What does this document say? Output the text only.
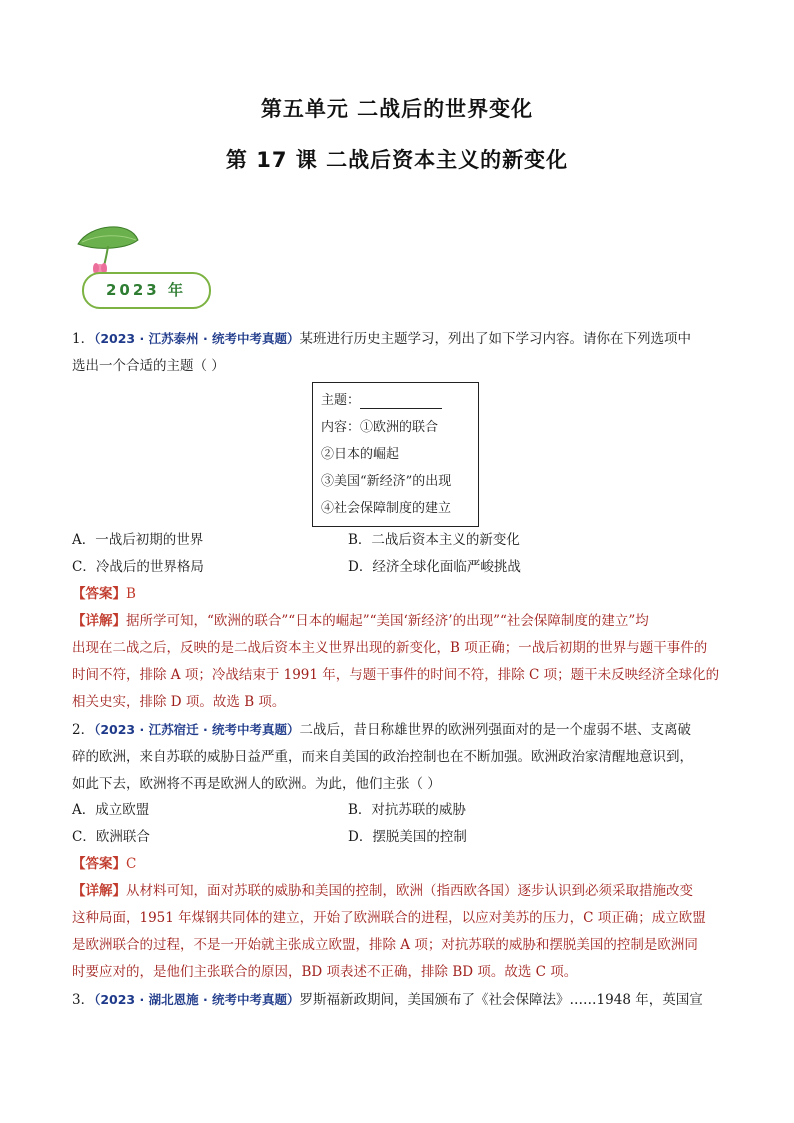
第五单元 二战后的世界变化
第 17 课 二战后资本主义的新变化
2023 年
1．（2023 · 江苏泰州 · 统考中考真题）某班进行历史主题学习，列出了如下学习内容。请你在下列选项中
选出一个合适的主题（ ）
主题：
内容：①欧洲的联合
②日本的崛起
③美国“新经济”的出现
④社会保障制度的建立
A．一战后初期的世界	B．二战后资本主义的新变化
C．冷战后的世界格局	D．经济全球化面临严峻挑战
【答案】B
【详解】据所学可知，“欧洲的联合”“日本的崛起”“美国‘新经济’的出现”“社会保障制度的建立”均
出现在二战之后，反映的是二战后资本主义世界出现的新变化，B 项正确；一战后初期的世界与题干事件的
时间不符，排除 A 项；冷战结束于 1991 年，与题干事件的时间不符，排除 C 项；题干未反映经济全球化的
相关史实，排除 D 项。故选 B 项。
2．（2023 · 江苏宿迁 · 统考中考真题）二战后，昔日称雄世界的欧洲列强面对的是一个虚弱不堪、支离破
碎的欧洲，来自苏联的威胁日益严重，而来自美国的政治控制也在不断加强。欧洲政治家清醒地意识到，
如此下去，欧洲将不再是欧洲人的欧洲。为此，他们主张（ ）
A．成立欧盟	B．对抗苏联的威胁
C．欧洲联合	D．摆脱美国的控制
【答案】C
【详解】从材料可知，面对苏联的威胁和美国的控制，欧洲（指西欧各国）逐步认识到必须采取措施改变
这种局面，1951 年煤钢共同体的建立，开始了欧洲联合的进程，以应对美苏的压力，C 项正确；成立欧盟
是欧洲联合的过程，不是一开始就主张成立欧盟，排除 A 项；对抗苏联的威胁和摆脱美国的控制是欧洲同
时要应对的，是他们主张联合的原因，BD 项表述不正确，排除 BD 项。故选 C 项。
3．（2023 · 湖北恩施 · 统考中考真题）罗斯福新政期间，美国颁布了《社会保障法》……1948 年，英国宣
